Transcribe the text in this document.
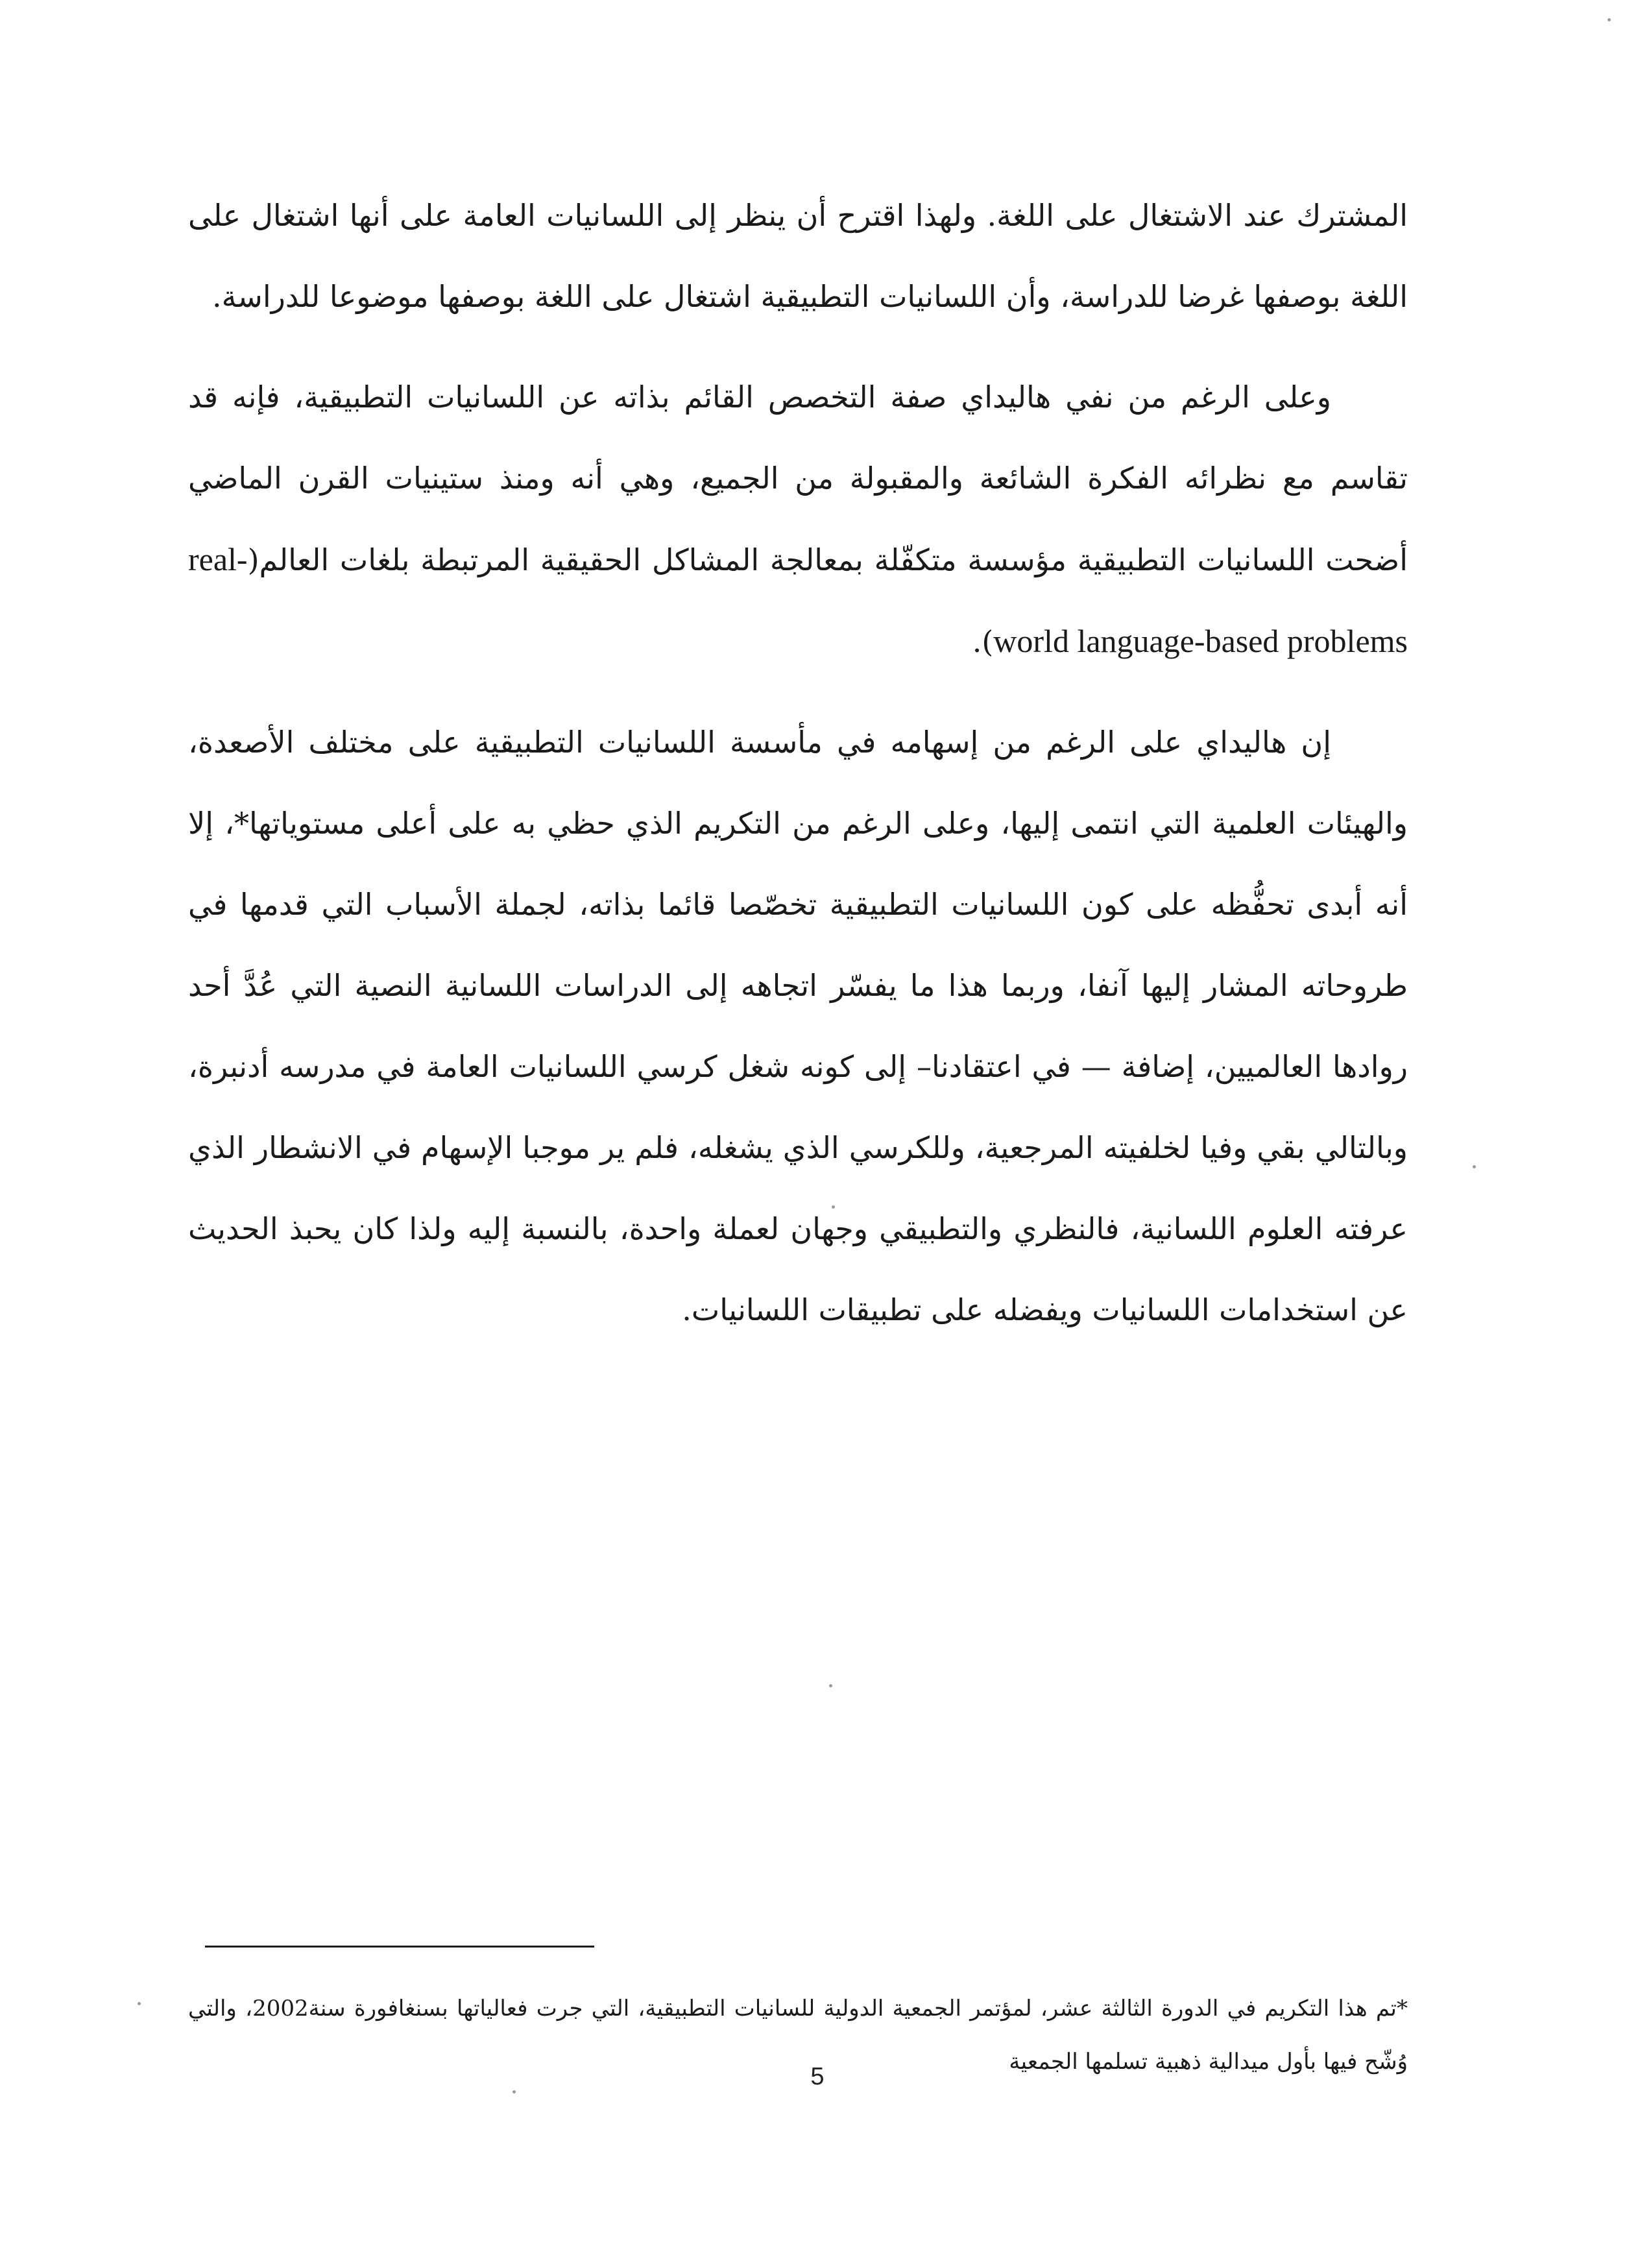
المشترك عند الاشتغال على اللغة. ولهذا اقترح أن ينظر إلى اللسانيات العامة على أنها اشتغال على اللغة بوصفها غرضا للدراسة، وأن اللسانيات التطبيقية اشتغال على اللغة بوصفها موضوعا للدراسة.

وعلى الرغم من نفي هاليداي صفة التخصص القائم بذاته عن اللسانيات التطبيقية، فإنه قد تقاسم مع نظرائه الفكرة الشائعة والمقبولة من الجميع، وهي أنه ومنذ ستينيات القرن الماضي أضحت اللسانيات التطبيقية مؤسسة متكفّلة بمعالجة المشاكل الحقيقية المرتبطة بلغات العالم(real-world language-based problems).

إن هاليداي على الرغم من إسهامه في مأسسة اللسانيات التطبيقية على مختلف الأصعدة، والهيئات العلمية التي انتمى إليها، وعلى الرغم من التكريم الذي حظي به على أعلى مستوياتها*، إلا أنه أبدى تحفُّظه على كون اللسانيات التطبيقية تخصّصا قائما بذاته، لجملة الأسباب التي قدمها في طروحاته المشار إليها آنفا، وربما هذا ما يفسّر اتجاهه إلى الدراسات اللسانية النصية التي عُدَّ أحد روادها العالميين، إضافة — في اعتقادنا– إلى كونه شغل كرسي اللسانيات العامة في مدرسه أدنبرة، وبالتالي بقي وفيا لخلفيته المرجعية، وللكرسي الذي يشغله، فلم ير موجبا الإسهام في الانشطار الذي عرفته العلوم اللسانية، فالنظري والتطبيقي وجهان لعملة واحدة، بالنسبة إليه ولذا كان يحبذ الحديث عن استخدامات اللسانيات ويفضله على تطبيقات اللسانيات.

*تم هذا التكريم في الدورة الثالثة عشر، لمؤتمر الجمعية الدولية للسانيات التطبيقية، التي جرت فعالياتها بسنغافورة سنة2002، والتي وُشّح فيها بأول ميدالية ذهبية تسلمها الجمعية
5
